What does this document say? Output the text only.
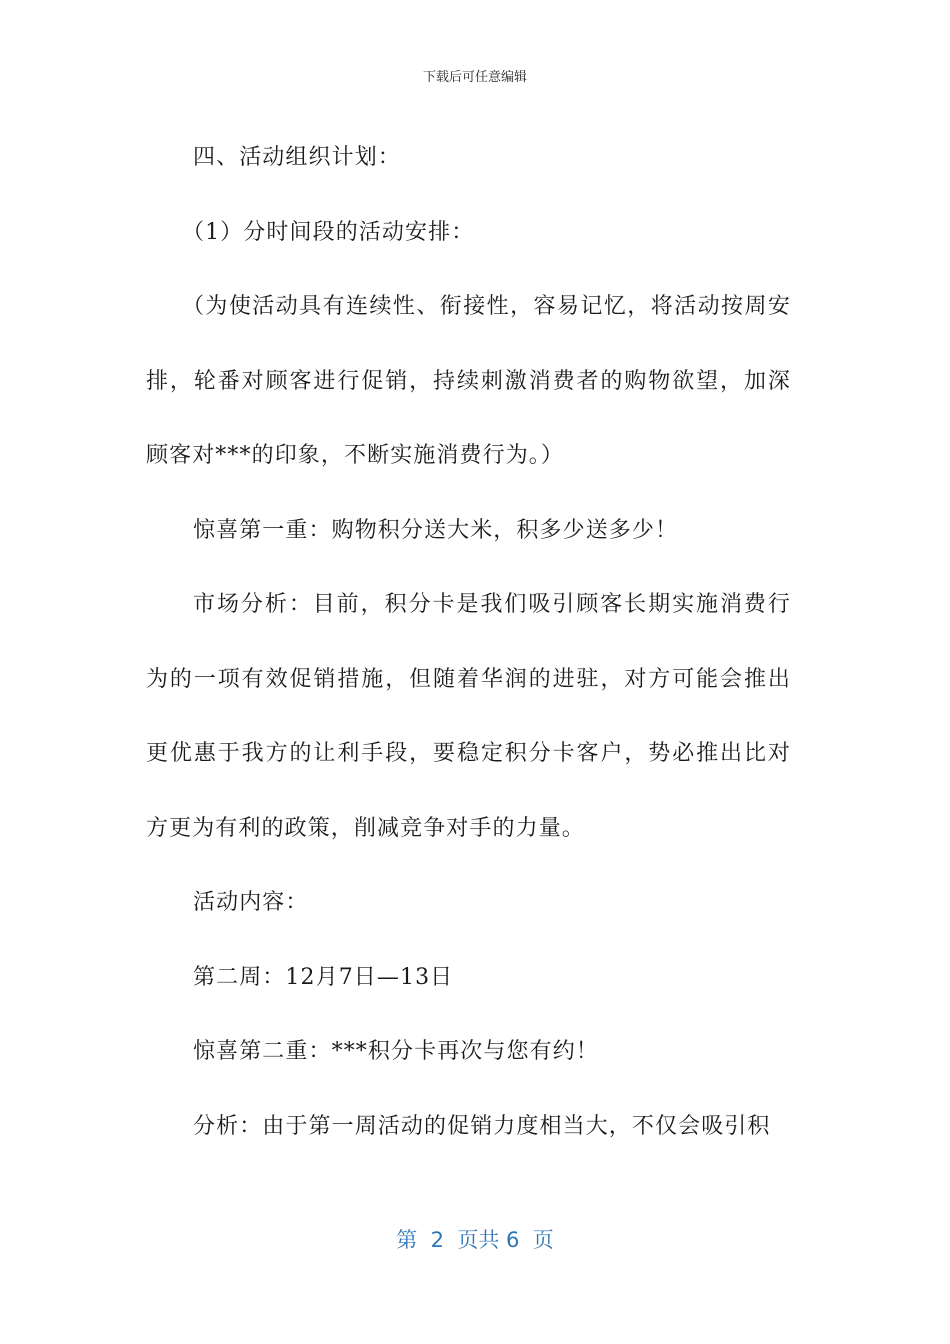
下载后可任意编辑

四、活动组织计划：

（1）分时间段的活动安排：

（为使活动具有连续性、衔接性，容易记忆，将活动按周安排，轮番对顾客进行促销，持续刺激消费者的购物欲望，加深顾客对***的印象，不断实施消费行为。）

惊喜第一重：购物积分送大米，积多少送多少！

市场分析：目前，积分卡是我们吸引顾客长期实施消费行为的一项有效促销措施，但随着华润的进驻，对方可能会推出更优惠于我方的让利手段，要稳定积分卡客户，势必推出比对方更为有利的政策，削减竞争对手的力量。

活动内容：

第二周：12月7日—13日

惊喜第二重：***积分卡再次与您有约！

分析：由于第一周活动的促销力度相当大，不仅会吸引积

第  2  页共 6  页
